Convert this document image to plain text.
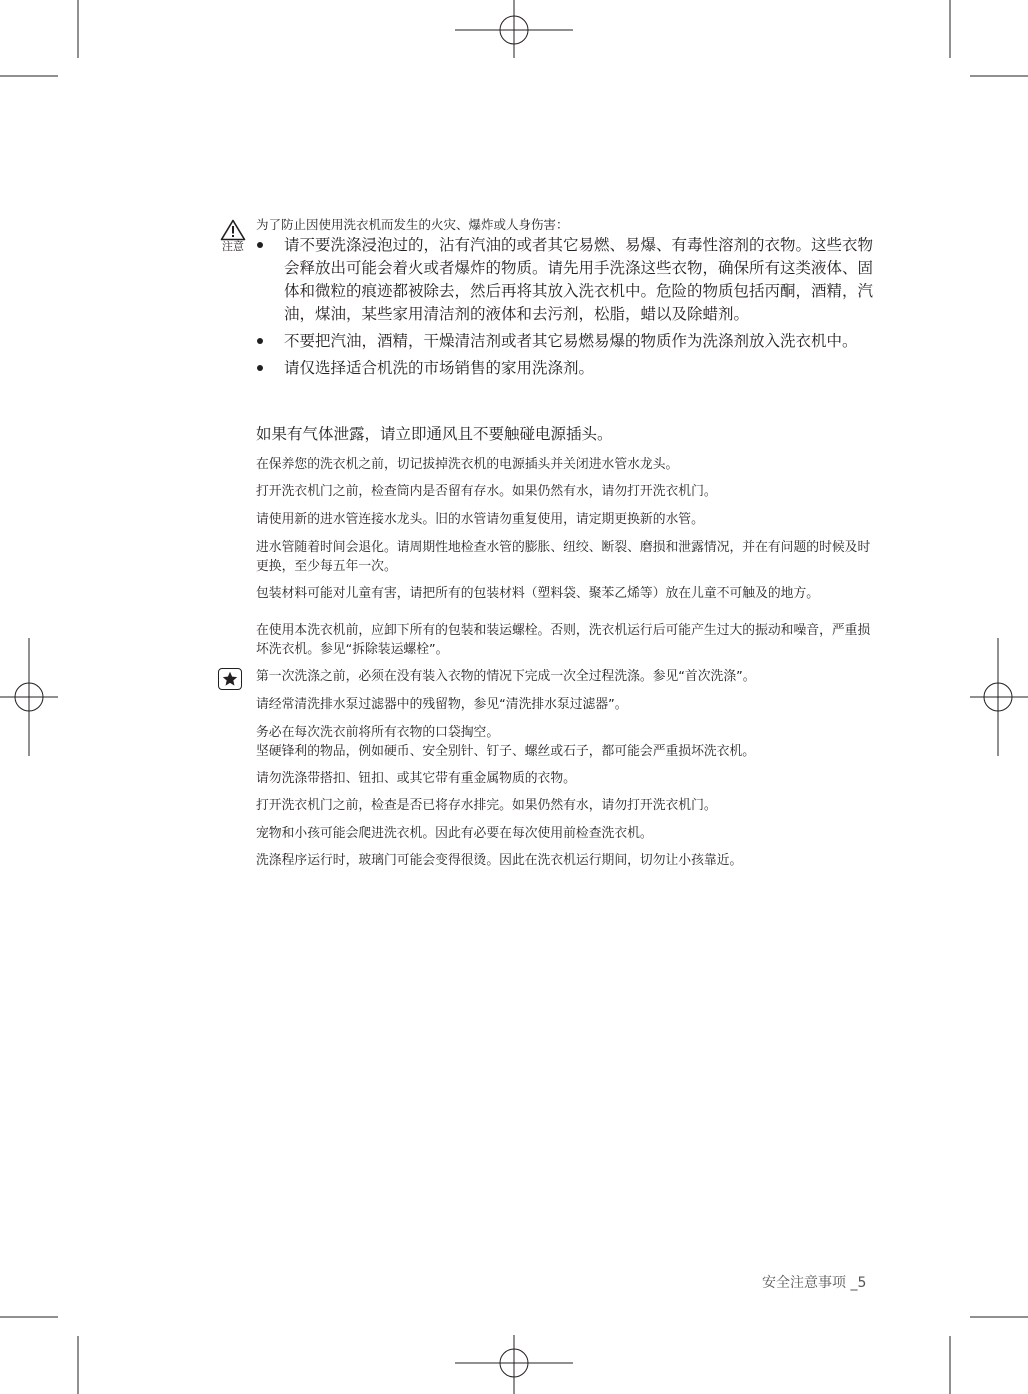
注意
为了防止因使用洗衣机而发生的火灾、爆炸或人身伤害：
请不要洗涤浸泡过的，沾有汽油的或者其它易燃、易爆、有毒性溶剂的衣物。这些衣物会释放出可能会着火或者爆炸的物质。请先用手洗涤这些衣物，确保所有这类液体、固体和微粒的痕迹都被除去，然后再将其放入洗衣机中。危险的物质包括丙酮，酒精，汽油，煤油，某些家用清洁剂的液体和去污剂，松脂，蜡以及除蜡剂。
不要把汽油，酒精，干燥清洁剂或者其它易燃易爆的物质作为洗涤剂放入洗衣机中。
请仅选择适合机洗的市场销售的家用洗涤剂。
如果有气体泄露，请立即通风且不要触碰电源插头。

在保养您的洗衣机之前，切记拔掉洗衣机的电源插头并关闭进水管水龙头。

打开洗衣机门之前，检查筒内是否留有存水。如果仍然有水，请勿打开洗衣机门。

请使用新的进水管连接水龙头。旧的水管请勿重复使用，请定期更换新的水管。

进水管随着时间会退化。请周期性地检查水管的膨胀、纽绞、断裂、磨损和泄露情况，并在有问题的时候及时更换，至少每五年一次。

包装材料可能对儿童有害，请把所有的包装材料（塑料袋、聚苯乙烯等）放在儿童不可触及的地方。

在使用本洗衣机前，应卸下所有的包装和装运螺栓。否则，洗衣机运行后可能产生过大的振动和噪音，严重损坏洗衣机。参见“拆除装运螺栓”。

第一次洗涤之前，必须在没有装入衣物的情况下完成一次全过程洗涤。参见“首次洗涤”。

请经常清洗排水泵过滤器中的残留物，参见“清洗排水泵过滤器”。

务必在每次洗衣前将所有衣物的口袋掏空。

坚硬锋利的物品，例如硬币、安全别针、钉子、螺丝或石子，都可能会严重损坏洗衣机。

请勿洗涤带搭扣、钮扣、或其它带有重金属物质的衣物。

打开洗衣机门之前，检查是否已将存水排完。如果仍然有水，请勿打开洗衣机门。

宠物和小孩可能会爬进洗衣机。因此有必要在每次使用前检查洗衣机。

洗涤程序运行时，玻璃门可能会变得很烫。因此在洗衣机运行期间，切勿让小孩靠近。

安全注意事项 _5
